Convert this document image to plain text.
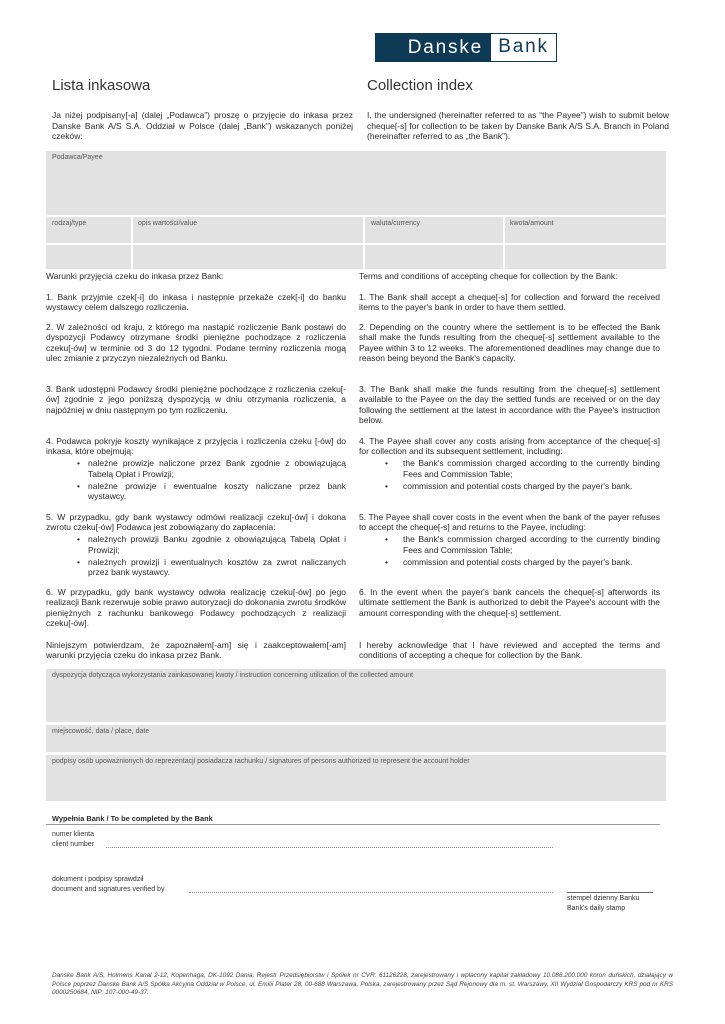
Danske Bank
Lista inkasowa	Collection index
Ja niżej podpisany[-a] (dalej „Podawca”) proszę o przyjęcie do inkasa przez Danske Bank A/S S.A. Oddział w Polsce (dalej „Bank”) wskazanych poniżej czeków:
I, the undersigned (hereinafter referred to as “the Payee”) wish to submit below cheque[-s] for collection to be taken by Danske Bank A/S S.A. Branch in Poland (hereinafter referred to as „the Bank”).
Podawca/Payee
rodzaj/type	opis wartości/value	waluta/currency	kwota/amount
Warunki przyjęcia czeku do inkasa przez Bank:	Terms and conditions of accepting cheque for collection by the Bank:

1. Bank przyjmie czek[-i] do inkasa i następnie przekaże czek[-i] do banku wystawcy celem dalszego rozliczenia.

1. The Bank shall accept a cheque[-s] for collection and forward the received items to the payer's bank in order to have them settled.

2. W zależności od kraju, z którego ma nastąpić rozliczenie Bank postawi do dyspozycji Podawcy otrzymane środki pieniężne pochodzące z rozliczenia czeku[-ów] w terminie od 3 do 12 tygodni. Podane terminy rozliczenia mogą ulec zmianie z przyczyn niezależnych od Banku.

2. Depending on the country where the settlement is to be effected the Bank shall make the funds resulting from the cheque[-s] settlement available to the Payee within 3 to 12 weeks. The aforementioned deadlines may change due to reason being beyond the Bank's capacity.

3. Bank udostępni Podawcy środki pieniężne pochodzące z rozliczenia czeku[-ów] zgodnie z jego poniższą dyspozycją w dniu otrzymania rozliczenia, a najpóźniej w dniu następnym po tym rozliczeniu.

3. The Bank shall make the funds resulting from the cheque[-s] settlement available to the Payee on the day the settled funds are received or on the day following the settlement at the latest in accordance with the Payee's instruction below.

4. Podawca pokryje koszty wynikające z przyjęcia i rozliczenia czeku [-ów] do inkasa, które obejmują:

• należne prowizje naliczone przez Bank zgodnie z obowiązującą Tabelą Opłat i Prowizji;
• należne prowizje i ewentualne koszty naliczane przez bank wystawcy.

4. The Payee shall cover any costs arising from acceptance of the cheque[-s] for collection and its subsequent settlement, including:

• the Bank's commission charged according to the currently binding Fees and Commission Table;
• commission and potential costs charged by the payer's bank.

5. W przypadku, gdy bank wystawcy odmówi realizacji czeku[-ów] i dokona zwrotu czeku[-ów] Podawca jest zobowiązany do zapłacenia:

• należnych prowizji Banku zgodnie z obowiązującą Tabelą Opłat i Prowizji;
• należnych prowizji i ewentualnych kosztów za zwrot naliczanych przez bank wystawcy.

5. The Payee shall cover costs in the event when the bank of the payer refuses to accept the cheque[-s] and returns to the Payee, including:

• the Bank's commission charged according to the currently binding Fees and Commission Table;
• commission and potential costs charged by the payer's bank.

6. W przypadku, gdy bank wystawcy odwoła realizację czeku[-ów] po jego realizacji Bank rezerwuje sobie prawo autoryzacji do dokonania zwrotu środków pieniężnych z rachunku bankowego Podawcy pochodzących z realizacji czeku[-ów].

6. In the event when the payer's bank cancels the cheque[-s] afterwords its ultimate settlement the Bank is authorized to debit the Payee's account with the amount corresponding with the cheque[-s] settlement.

Niniejszym potwierdzam, że zapoznałem[-am] się i zaakceptowałem[-am] warunki przyjęcia czeku do inkasa przez Bank.
I hereby acknowledge that I have reviewed and accepted the terms and conditions of accepting a cheque for collection by the Bank.
dyspozycja dotycząca wykorzystania zainkasowanej kwoty / instruction concerning utilization of the collected amount
miejscowość, data / place, date
podpisy osób upoważnionych do reprezentacji posiadacza rachunku / signatures of persons authorized to represent the account holder
Wypełnia Bank / To be completed by the Bank
numer klienta
client number
dokument i podpisy sprawdził
document and signatures verified by
stempel dzienny Banku
Bank's daily stamp
Danske Bank A/S, Holmens Kanal 2-12, Kopenhaga, DK-1092 Dania, Rejestr Przedsiębiorstw i Spółek nr CVR: 61126228, zarejestrowany i wpłacony kapitał zakładowy 10.086.200.000 koron duńskich, działający w Polsce poprzez Danske Bank A/S Spółka Akcyjna Oddział w Polsce, ul. Emilii Plater 28, 00-688 Warszawa, Polska, zarejestrowany przez Sąd Rejonowy dla m. st. Warszawy, XII Wydział Gospodarczy KRS pod nr KRS 0000250684, NIP: 107-000-49-37.
